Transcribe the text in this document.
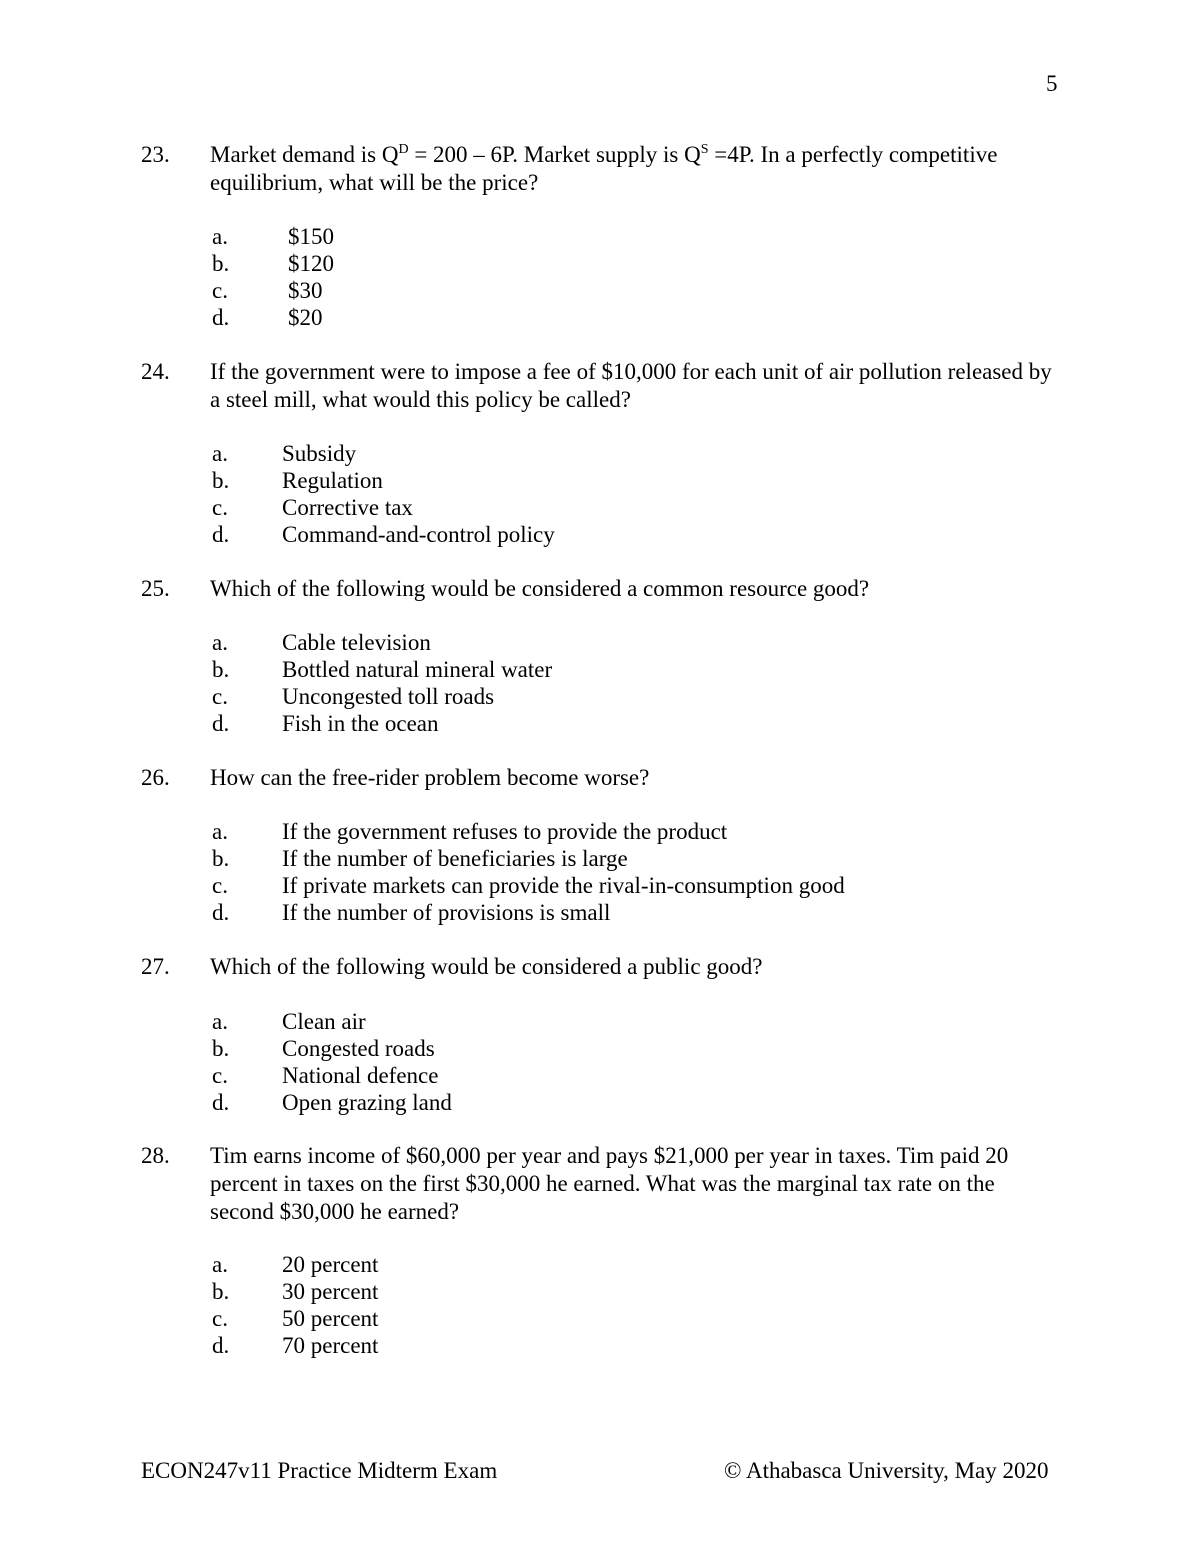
5
23. Market demand is $Q^D = 200 - 6P$. Market supply is $Q^S =4P$. In a perfectly competitive equilibrium, what will be the price?
a.	$150
b.	$120
c.	$30
d.	$20
24. If the government were to impose a fee of $10,000 for each unit of air pollution released by a steel mill, what would this policy be called?
a. Subsidy
b. Regulation
c. Corrective tax
d. Command-and-control policy
25. Which of the following would be considered a common resource good?
a. Cable television
b. Bottled natural mineral water
c. Uncongested toll roads
d. Fish in the ocean
26. How can the free-rider problem become worse?
a. If the government refuses to provide the product
b. If the number of beneficiaries is large
c. If private markets can provide the rival-in-consumption good
d. If the number of provisions is small
27. Which of the following would be considered a public good?
a. Clean air
b. Congested roads
c. National defence
d. Open grazing land
28. Tim earns income of $60,000 per year and pays $21,000 per year in taxes. Tim paid 20 percent in taxes on the first $30,000 he earned. What was the marginal tax rate on the second $30,000 he earned?
a. 20 percent
b. 30 percent
c. 50 percent
d. 70 percent
ECON247v11 Practice Midterm Exam	© Athabasca University, May 2020
